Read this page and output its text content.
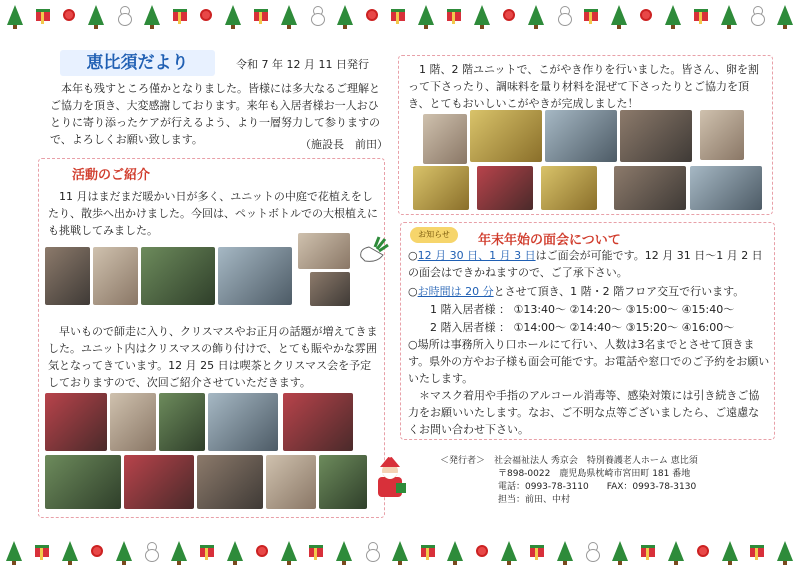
恵比須だより	令和 7 年 12 月 11 日発行
本年も残すところ僅かとなりました。皆様には多大なるご理解とご協力を頂き、大変感謝しております。来年も入居者様お一人おひとりに寄り添ったケアが行えるよう、より一層努力して参りますので、よろしくお願い致します。	（施設長　前田）
活動のご紹介
11 月はまだまだ暖かい日が多く、ユニットの中庭で花植えをしたり、散歩へ出かけました。今回は、ペットボトルでの大根植えにも挑戦してみました。
早いもので師走に入り、クリスマスやお正月の話題が増えてきました。ユニット内はクリスマスの飾り付けで、とても賑やかな雰囲気となってきています。12 月 25 日は喫茶とクリスマス会を予定しておりますので、次回ご紹介させていただきます。
1 階、2 階ユニットで、こがやき作りを行いました。皆さん、卵を割って下さったり、調味料を量り材料を混ぜて下さったりとご協力を頂き、とてもおいしいこがやきが完成しました！
お知らせ	年末年始の面会について
○12 月 30 日、1 月 3 日はご面会が可能です。12 月 31 日〜1 月 2 日の面会はできかねますので、ご了承下さい。
○お時間は 20 分とさせて頂き、1 階・2 階フロア交互で行います。
1 階入居者様 ： ①13:40〜 ②14:20〜 ③15:00〜 ④15:40〜
2 階入居者様 ： ①14:00〜 ②14:40〜 ③15:20〜 ④16:00〜
○場所は事務所入り口ホールにて行い、人数は3名までとさせて頂きます。県外の方やお子様も面会可能です。お電話や窓口でのご予約をお願いいたします。
＊マスク着用や手指のアルコール消毒等、感染対策には引き続きご協力をお願いいたします。なお、ご不明な点等ございましたら、ご遠慮なくお問い合わせ下さい。
＜発行者＞　 社会福祉法人 秀京会　特別養護老人ホーム 恵比須
〒898-0022　鹿児島県枕崎市宮田町 181 番地
電話：0993-78-3110　　FAX：0993-78-3130
担当：前田、中村
